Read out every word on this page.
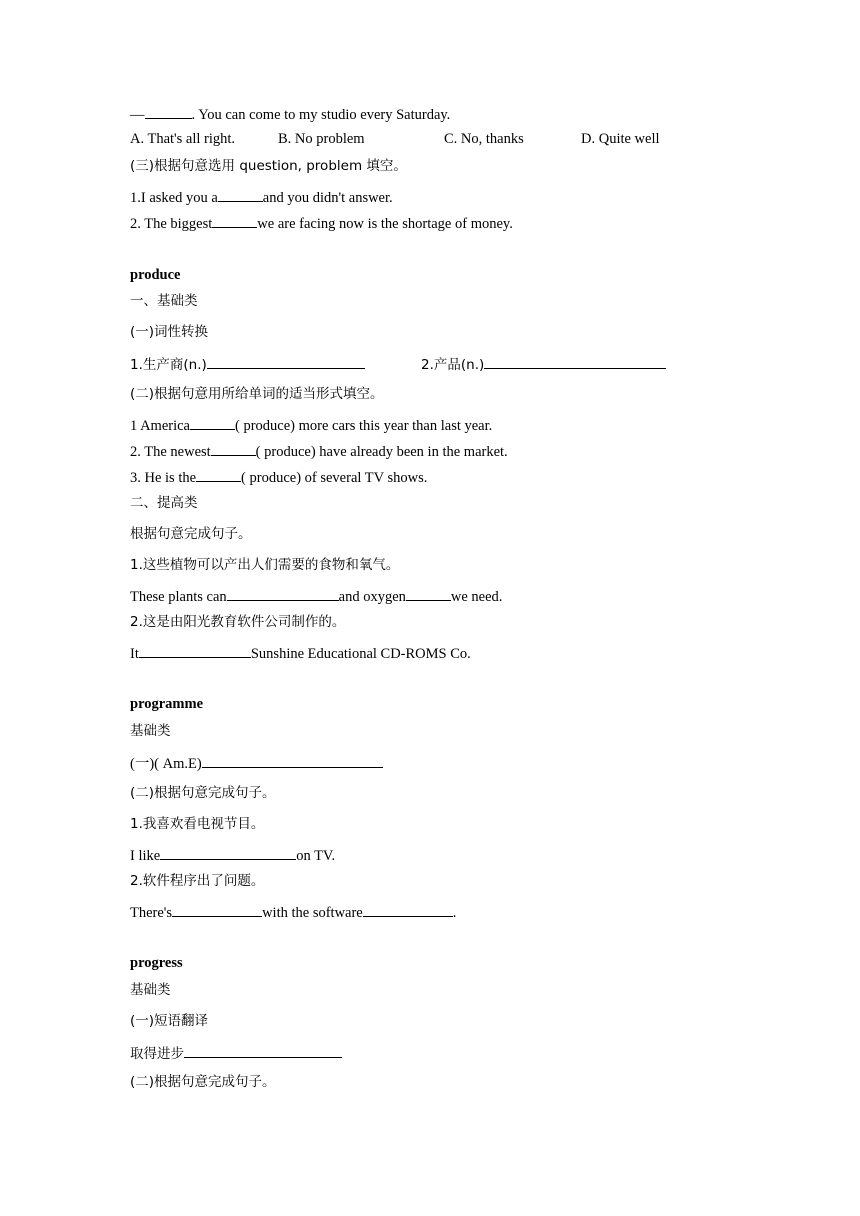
—	. You can come to my studio every Saturday.
A. That's all right.	B. No problem	C. No, thanks	D. Quite well
(三)根据句意选用 question, problem 填空。
1.I asked you a	and you didn't answer.
2. The biggest	we are facing now is the shortage of money.
produce
一、基础类
(一)词性转换
1.生产商(n.)	2.产品(n.)
(二)根据句意用所给单词的适当形式填空。
1 America	( produce) more cars this year than last year.
2. The newest	( produce) have already been in the market.
3. He is the	( produce) of several TV shows.
二、提高类
根据句意完成句子。
1.这些植物可以产出人们需要的食物和氧气。
These plants can	and oxygen	we need.
2.这是由阳光教育软件公司制作的。
It	Sunshine Educational CD-ROMS Co.
programme
基础类
(一)( Am.E)
(二)根据句意完成句子。
1.我喜欢看电视节目。
I like	on TV.
2.软件程序出了问题。
There's	with the software	.
progress
基础类
(一)短语翻译
取得进步
(二)根据句意完成句子。
